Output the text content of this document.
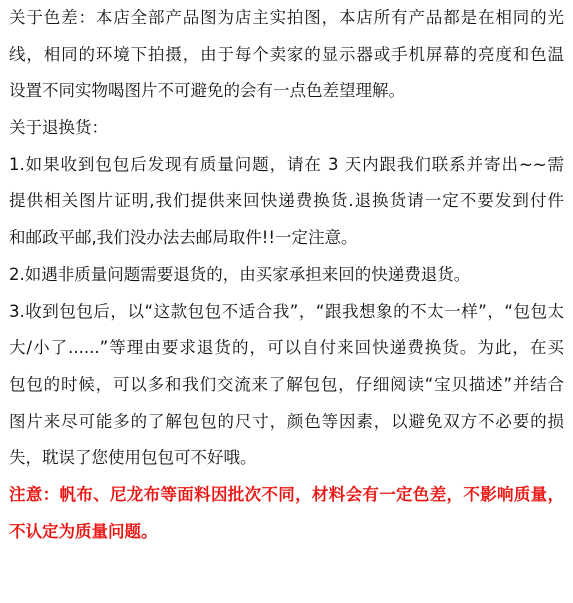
关于色差：本店全部产品图为店主实拍图，本店所有产品都是在相同的光
线，相同的环境下拍摄，由于每个卖家的显示器或手机屏幕的亮度和色温
设置不同实物喝图片不可避免的会有一点色差望理解。
关于退换货：
1.如果收到包包后发现有质量问题，请在 3 天内跟我们联系并寄出~~需
提供相关图片证明,我们提供来回快递费换货.退换货请一定不要发到付件
和邮政平邮,我们没办法去邮局取件!!一定注意。
2.如遇非质量问题需要退货的，由买家承担来回的快递费退货。
3.收到包包后，以“这款包包不适合我”，“跟我想象的不太一样”，“包包太
大/小了......”等理由要求退货的，可以自付来回快递费换货。为此，在买
包包的时候，可以多和我们交流来了解包包，仔细阅读“宝贝描述”并结合
图片来尽可能多的了解包包的尺寸，颜色等因素，以避免双方不必要的损
失，耽误了您使用包包可不好哦。
注意：帆布、尼龙布等面料因批次不同，材料会有一定色差，不影响质量，
不认定为质量问题。
